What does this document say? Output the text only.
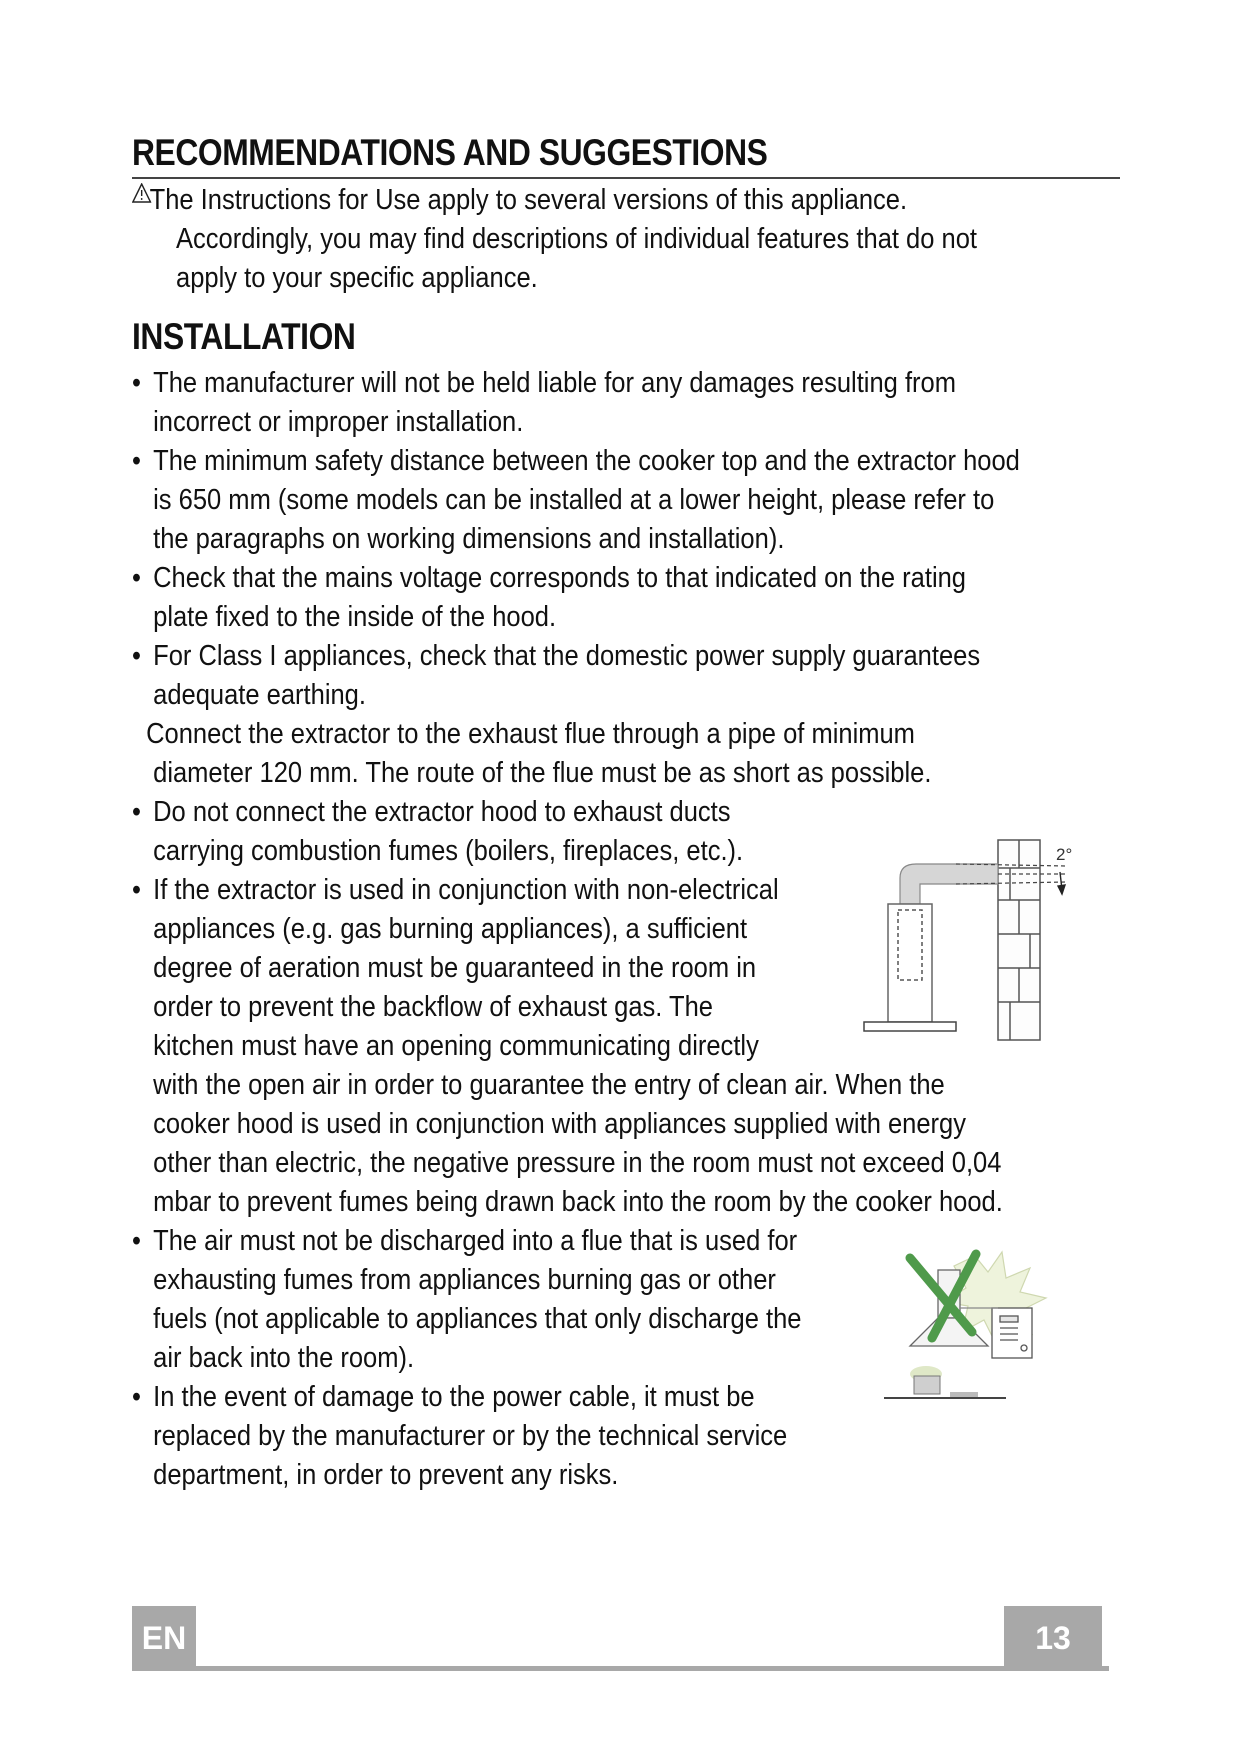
RECOMMENDATIONS AND SUGGESTIONS
The Instructions for Use apply to several versions of this appliance.
Accordingly, you may find descriptions of individual features that do not
apply to your specific appliance.
INSTALLATION
• The manufacturer will not be held liable for any damages resulting from
incorrect or improper installation.
• The minimum safety distance between the cooker top and the extractor hood
is 650 mm (some models can be installed at a lower height, please refer to
the paragraphs on working dimensions and installation).
• Check that the mains voltage corresponds to that indicated on the rating
plate fixed to the inside of the hood.
• For Class I appliances, check that the domestic power supply guarantees
adequate earthing.
Connect the extractor to the exhaust flue through a pipe of minimum
diameter 120 mm. The route of the flue must be as short as possible.
• Do not connect the extractor hood to exhaust ducts
carrying combustion fumes (boilers, fireplaces, etc.).
• If the extractor is used in conjunction with non-electrical
appliances (e.g. gas burning appliances), a sufficient
degree of aeration must be guaranteed in the room in
order to prevent the backflow of exhaust gas. The
kitchen must have an opening communicating directly
with the open air in order to guarantee the entry of clean air. When the
cooker hood is used in conjunction with appliances supplied with energy
other than electric, the negative pressure in the room must not exceed 0,04
mbar to prevent fumes being drawn back into the room by the cooker hood.
• The air must not be discharged into a flue that is used for
exhausting fumes from appliances burning gas or other
fuels (not applicable to appliances that only discharge the
air back into the room).
• In the event of damage to the power cable, it must be
replaced by the manufacturer or by the technical service
department, in order to prevent any risks.
2°
EN	13
